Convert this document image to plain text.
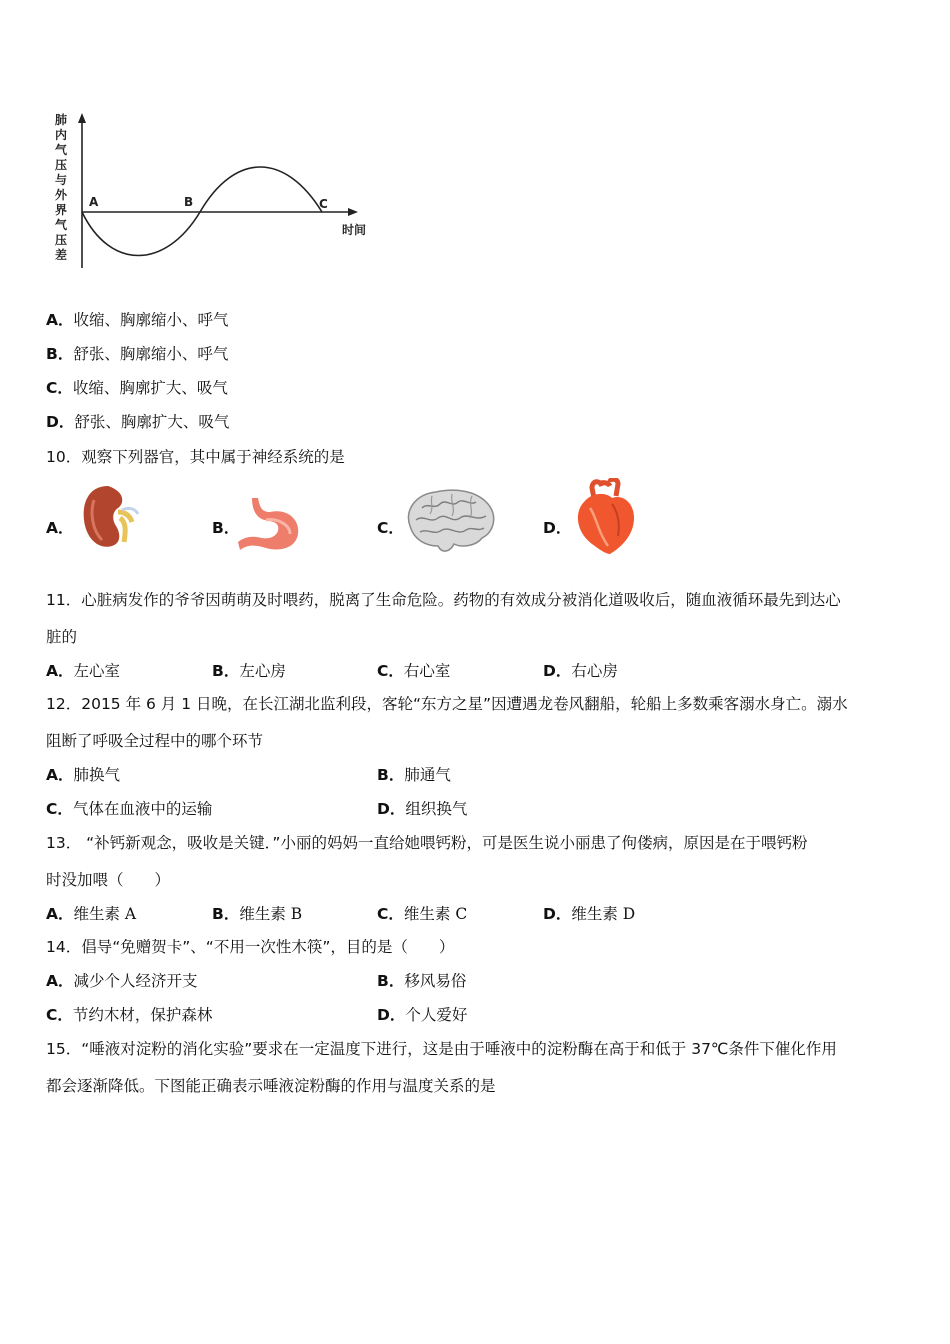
肺
内
气
压
与
外
界
气
压
差
时间
A	B	C
A．收缩、胸廓缩小、呼气
B．舒张、胸廓缩小、呼气
C．收缩、胸廓扩大、吸气
D．舒张、胸廓扩大、吸气
10．观察下列器官，其中属于神经系统的是
A．	B．	C．	D．
11．心脏病发作的爷爷因萌萌及时喂药，脱离了生命危险。药物的有效成分被消化道吸收后，随血液循环最先到达心
脏的
A．左心室	B．左心房	C．右心室	D．右心房
12．2015 年 6 月 1 日晚，在长江湖北监利段，客轮“东方之星”因遭遇龙卷风翻船，轮船上多数乘客溺水身亡。溺水
阻断了呼吸全过程中的哪个环节
A．肺换气	B．肺通气
C．气体在血液中的运输	D．组织换气
13． “补钙新观念，吸收是关键．”小丽的妈妈一直给她喂钙粉，可是医生说小丽患了佝偻病，原因是在于喂钙粉
时没加喂（　　）
A．维生素 A	B．维生素 B	C．维生素 C	D．维生素 D
14．倡导“免赠贺卡”、“不用一次性木筷”，目的是（　　）
A．减少个人经济开支	B．移风易俗
C．节约木材，保护森林	D．个人爱好
15．“唾液对淀粉的消化实验”要求在一定温度下进行，这是由于唾液中的淀粉酶在高于和低于 37℃条件下催化作用
都会逐渐降低。下图能正确表示唾液淀粉酶的作用与温度关系的是
